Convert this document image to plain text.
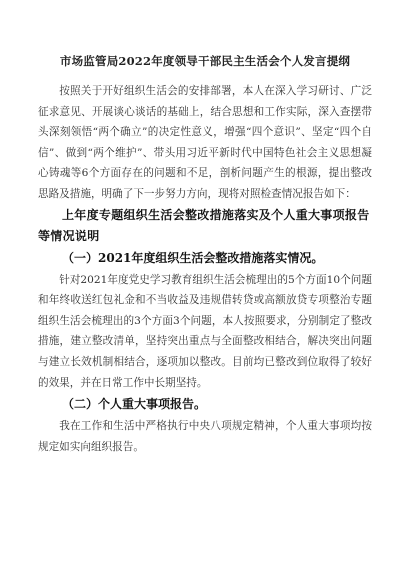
市场监管局2022年度领导干部民主生活会个人发言提纲

按照关于开好组织生活会的安排部署，本人在深入学习研讨、广泛征求意见、开展谈心谈话的基础上，结合思想和工作实际，深入查摆带头深刻领悟“两个确立”的决定性意义，增强“四个意识”、坚定“四个自信”、做到“两个维护”、带头用习近平新时代中国特色社会主义思想凝心铸魂等6个方面存在的问题和不足，剖析问题产生的根源，提出整改思路及措施，明确了下一步努力方向，现将对照检查情况报告如下：

上年度专题组织生活会整改措施落实及个人重大事项报告等情况说明

（一）2021年度组织生活会整改措施落实情况。

针对2021年度党史学习教育组织生活会梳理出的5个方面10个问题和年终收送红包礼金和不当收益及违规借转贷或高额放贷专项整治专题组织生活会梳理出的3个方面3个问题，本人按照要求，分别制定了整改措施，建立整改清单，坚持突出重点与全面整改相结合，解决突出问题与建立长效机制相结合，逐项加以整改。目前均已整改到位取得了较好的效果，并在日常工作中长期坚持。

（二）个人重大事项报告。

我在工作和生活中严格执行中央八项规定精神，个人重大事项均按规定如实向组织报告。
